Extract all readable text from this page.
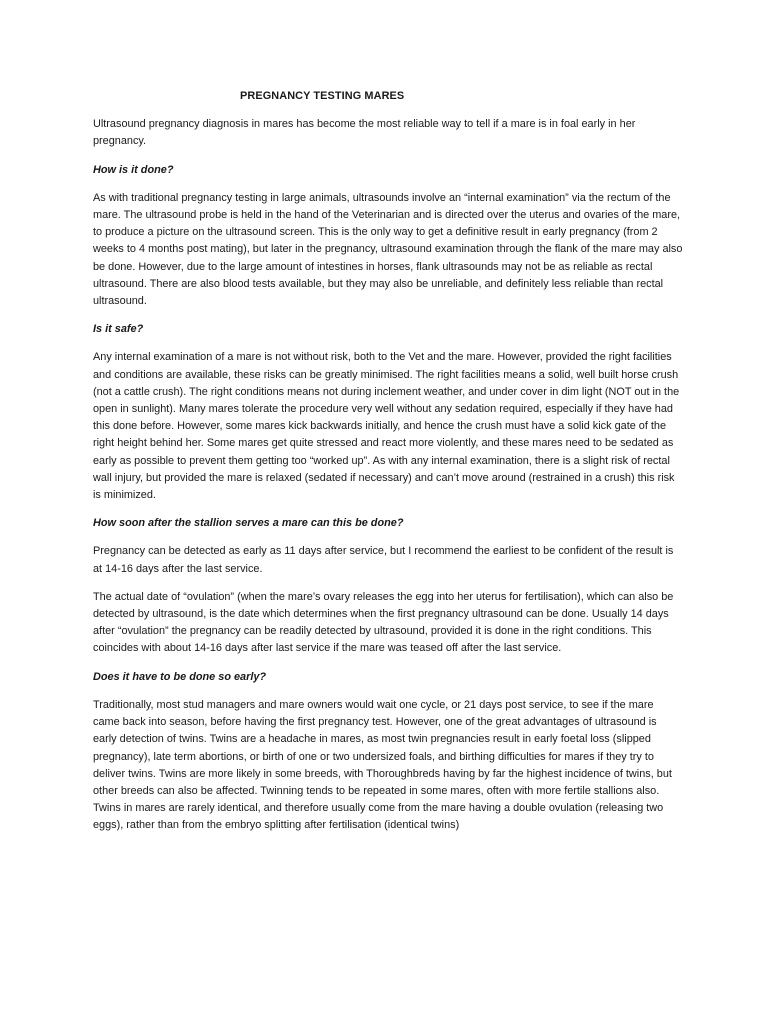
PREGNANCY TESTING MARES

Ultrasound pregnancy diagnosis in mares has become the most reliable way to tell if a mare is in foal early in her pregnancy.

How is it done?

As with traditional pregnancy testing in large animals, ultrasounds involve an “internal examination” via the rectum of the mare. The ultrasound probe is held in the hand of the Veterinarian and is directed over the uterus and ovaries of the mare, to produce a picture on the ultrasound screen. This is the only way to get a definitive result in early pregnancy (from 2 weeks to 4 months post mating), but later in the pregnancy, ultrasound examination through the flank of the mare may also be done. However, due to the large amount of intestines in horses, flank ultrasounds may not be as reliable as rectal ultrasound. There are also blood tests available, but they may also be unreliable, and definitely less reliable than rectal ultrasound.

Is it safe?

Any internal examination of a mare is not without risk, both to the Vet and the mare. However, provided the right facilities and conditions are available, these risks can be greatly minimised. The right facilities means a solid, well built horse crush (not a cattle crush). The right conditions means not during inclement weather, and under cover in dim light (NOT out in the open in sunlight). Many mares tolerate the procedure very well without any sedation required, especially if they have had this done before. However, some mares kick backwards initially, and hence the crush must have a solid kick gate of the right height behind her. Some mares get quite stressed and react more violently, and these mares need to be sedated as early as possible to prevent them getting too “worked up”. As with any internal examination, there is a slight risk of rectal wall injury, but provided the mare is relaxed (sedated if necessary) and can’t move around (restrained in a crush) this risk is minimized.

How soon after the stallion serves a mare can this be done?

Pregnancy can be detected as early as 11 days after service, but I recommend the earliest to be confident of the result is at 14-16 days after the last service.

The actual date of “ovulation” (when the mare’s ovary releases the egg into her uterus for fertilisation), which can also be detected by ultrasound, is the date which determines when the first pregnancy ultrasound can be done. Usually 14 days after “ovulation” the pregnancy can be readily detected by ultrasound, provided it is done in the right conditions. This coincides with about 14-16 days after last service if the mare was teased off after the last service.

Does it have to be done so early?

Traditionally, most stud managers and mare owners would wait one cycle, or 21 days post service, to see if the mare came back into season, before having the first pregnancy test. However, one of the great advantages of ultrasound is early detection of twins. Twins are a headache in mares, as most twin pregnancies result in early foetal loss (slipped pregnancy), late term abortions, or birth of one or two undersized foals, and birthing difficulties for mares if they try to deliver twins. Twins are more likely in some breeds, with Thoroughbreds having by far the highest incidence of twins, but other breeds can also be affected. Twinning tends to be repeated in some mares, often with more fertile stallions also. Twins in mares are rarely identical, and therefore usually come from the mare having a double ovulation (releasing two eggs), rather than from the embryo splitting after fertilisation (identical twins)
